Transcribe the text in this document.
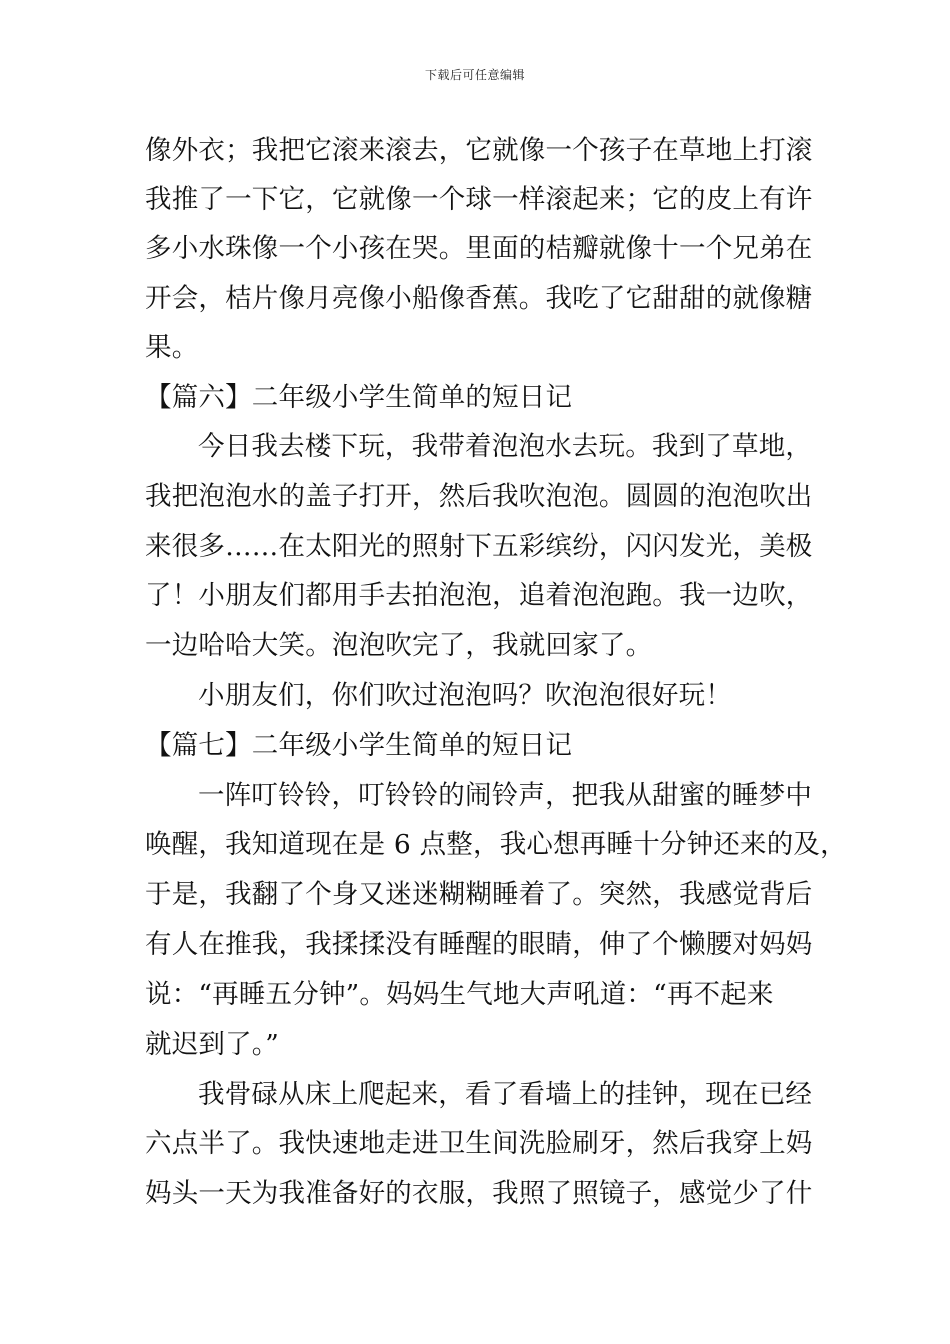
下载后可任意编辑
像外衣；我把它滚来滚去，它就像一个孩子在草地上打滚
我推了一下它，它就像一个球一样滚起来；它的皮上有许
多小水珠像一个小孩在哭。里面的桔瓣就像十一个兄弟在
开会，桔片像月亮像小船像香蕉。我吃了它甜甜的就像糖
果。
【篇六】二年级小学生简单的短日记
今日我去楼下玩，我带着泡泡水去玩。我到了草地，
我把泡泡水的盖子打开，然后我吹泡泡。圆圆的泡泡吹出
来很多……在太阳光的照射下五彩缤纷，闪闪发光，美极
了！小朋友们都用手去拍泡泡，追着泡泡跑。我一边吹，
一边哈哈大笑。泡泡吹完了，我就回家了。
小朋友们，你们吹过泡泡吗？吹泡泡很好玩！
【篇七】二年级小学生简单的短日记
一阵叮铃铃，叮铃铃的闹铃声，把我从甜蜜的睡梦中
唤醒，我知道现在是 6 点整，我心想再睡十分钟还来的及，
于是，我翻了个身又迷迷糊糊睡着了。突然，我感觉背后
有人在推我，我揉揉没有睡醒的眼睛，伸了个懒腰对妈妈
说：“再睡五分钟”。妈妈生气地大声吼道：“再不起来
就迟到了。”
我骨碌从床上爬起来，看了看墙上的挂钟，现在已经
六点半了。我快速地走进卫生间洗脸刷牙，然后我穿上妈
妈头一天为我准备好的衣服，我照了照镜子，感觉少了什
